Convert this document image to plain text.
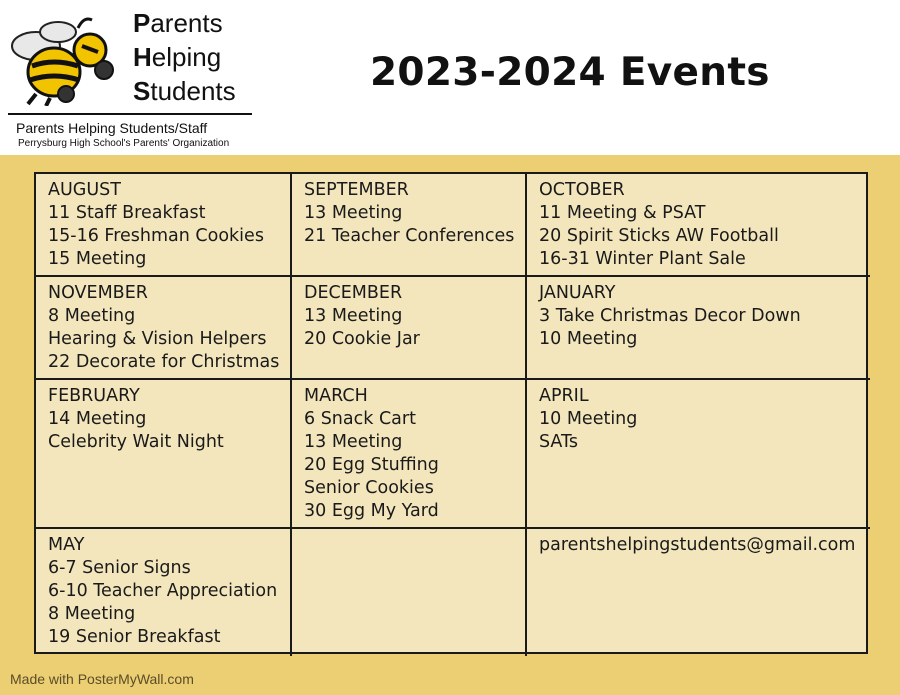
Parents
Helping
Students
Parents Helping Students/Staff
Perrysburg High School's Parents' Organization
2023-2024 Events
AUGUST
11 Staff Breakfast
15-16 Freshman Cookies
15 Meeting
SEPTEMBER
13 Meeting
21 Teacher Conferences
OCTOBER
11 Meeting & PSAT
20 Spirit Sticks AW Football
16-31 Winter Plant Sale
NOVEMBER
8 Meeting
Hearing & Vision Helpers
22 Decorate for Christmas
DECEMBER
13 Meeting
20 Cookie Jar
JANUARY
3 Take Christmas Decor Down
10 Meeting
FEBRUARY
14 Meeting
Celebrity Wait Night
MARCH
6 Snack Cart
13 Meeting
20 Egg Stuffing
Senior Cookies
30 Egg My Yard
APRIL
10 Meeting
SATs
MAY
6-7 Senior Signs
6-10 Teacher Appreciation
8 Meeting
19 Senior Breakfast
parentshelpingstudents@gmail.com
Made with PosterMyWall.com
